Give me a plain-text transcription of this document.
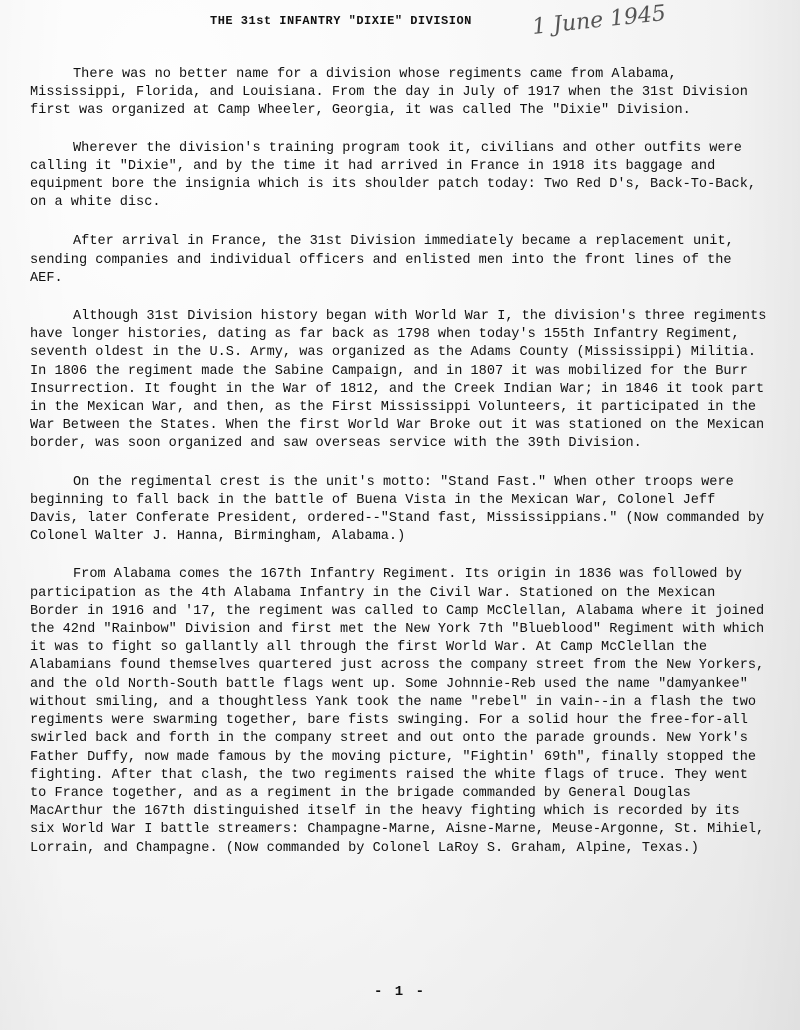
THE 31st INFANTRY "DIXIE" DIVISION	1 June 1945

There was no better name for a division whose regiments came from Alabama, Mississippi, Florida, and Louisiana. From the day in July of 1917 when the 31st Division first was organized at Camp Wheeler, Georgia, it was called The "Dixie" Division.

Wherever the division's training program took it, civilians and other outfits were calling it "Dixie", and by the time it had arrived in France in 1918 its baggage and equipment bore the insignia which is its shoulder patch today: Two Red D's, Back-To-Back, on a white disc.

After arrival in France, the 31st Division immediately became a replacement unit, sending companies and individual officers and enlisted men into the front lines of the AEF.

Although 31st Division history began with World War I, the division's three regiments have longer histories, dating as far back as 1798 when today's 155th Infantry Regiment, seventh oldest in the U.S. Army, was organized as the Adams County (Mississippi) Militia. In 1806 the regiment made the Sabine Campaign, and in 1807 it was mobilized for the Burr Insurrection. It fought in the War of 1812, and the Creek Indian War; in 1846 it took part in the Mexican War, and then, as the First Mississippi Volunteers, it participated in the War Between the States. When the first World War Broke out it was stationed on the Mexican border, was soon organized and saw overseas service with the 39th Division.

On the regimental crest is the unit's motto: "Stand Fast." When other troops were beginning to fall back in the battle of Buena Vista in the Mexican War, Colonel Jeff Davis, later Conferate President, ordered--"Stand fast, Mississippians." (Now commanded by Colonel Walter J. Hanna, Birmingham, Alabama.)

From Alabama comes the 167th Infantry Regiment. Its origin in 1836 was followed by participation as the 4th Alabama Infantry in the Civil War. Stationed on the Mexican Border in 1916 and '17, the regiment was called to Camp McClellan, Alabama where it joined the 42nd "Rainbow" Division and first met the New York 7th "Blueblood" Regiment with which it was to fight so gallantly all through the first World War. At Camp McClellan the Alabamians found themselves quartered just across the company street from the New Yorkers, and the old North-South battle flags went up. Some Johnnie-Reb used the name "damyankee" without smiling, and a thoughtless Yank took the name "rebel" in vain--in a flash the two regiments were swarming together, bare fists swinging. For a solid hour the free-for-all swirled back and forth in the company street and out onto the parade grounds. New York's Father Duffy, now made famous by the moving picture, "Fightin' 69th", finally stopped the fighting. After that clash, the two regiments raised the white flags of truce. They went to France together, and as a regiment in the brigade commanded by General Douglas MacArthur the 167th distinguished itself in the heavy fighting which is recorded by its six World War I battle streamers: Champagne-Marne, Aisne-Marne, Meuse-Argonne, St. Mihiel, Lorrain, and Champagne. (Now commanded by Colonel LaRoy S. Graham, Alpine, Texas.)

- 1 -
